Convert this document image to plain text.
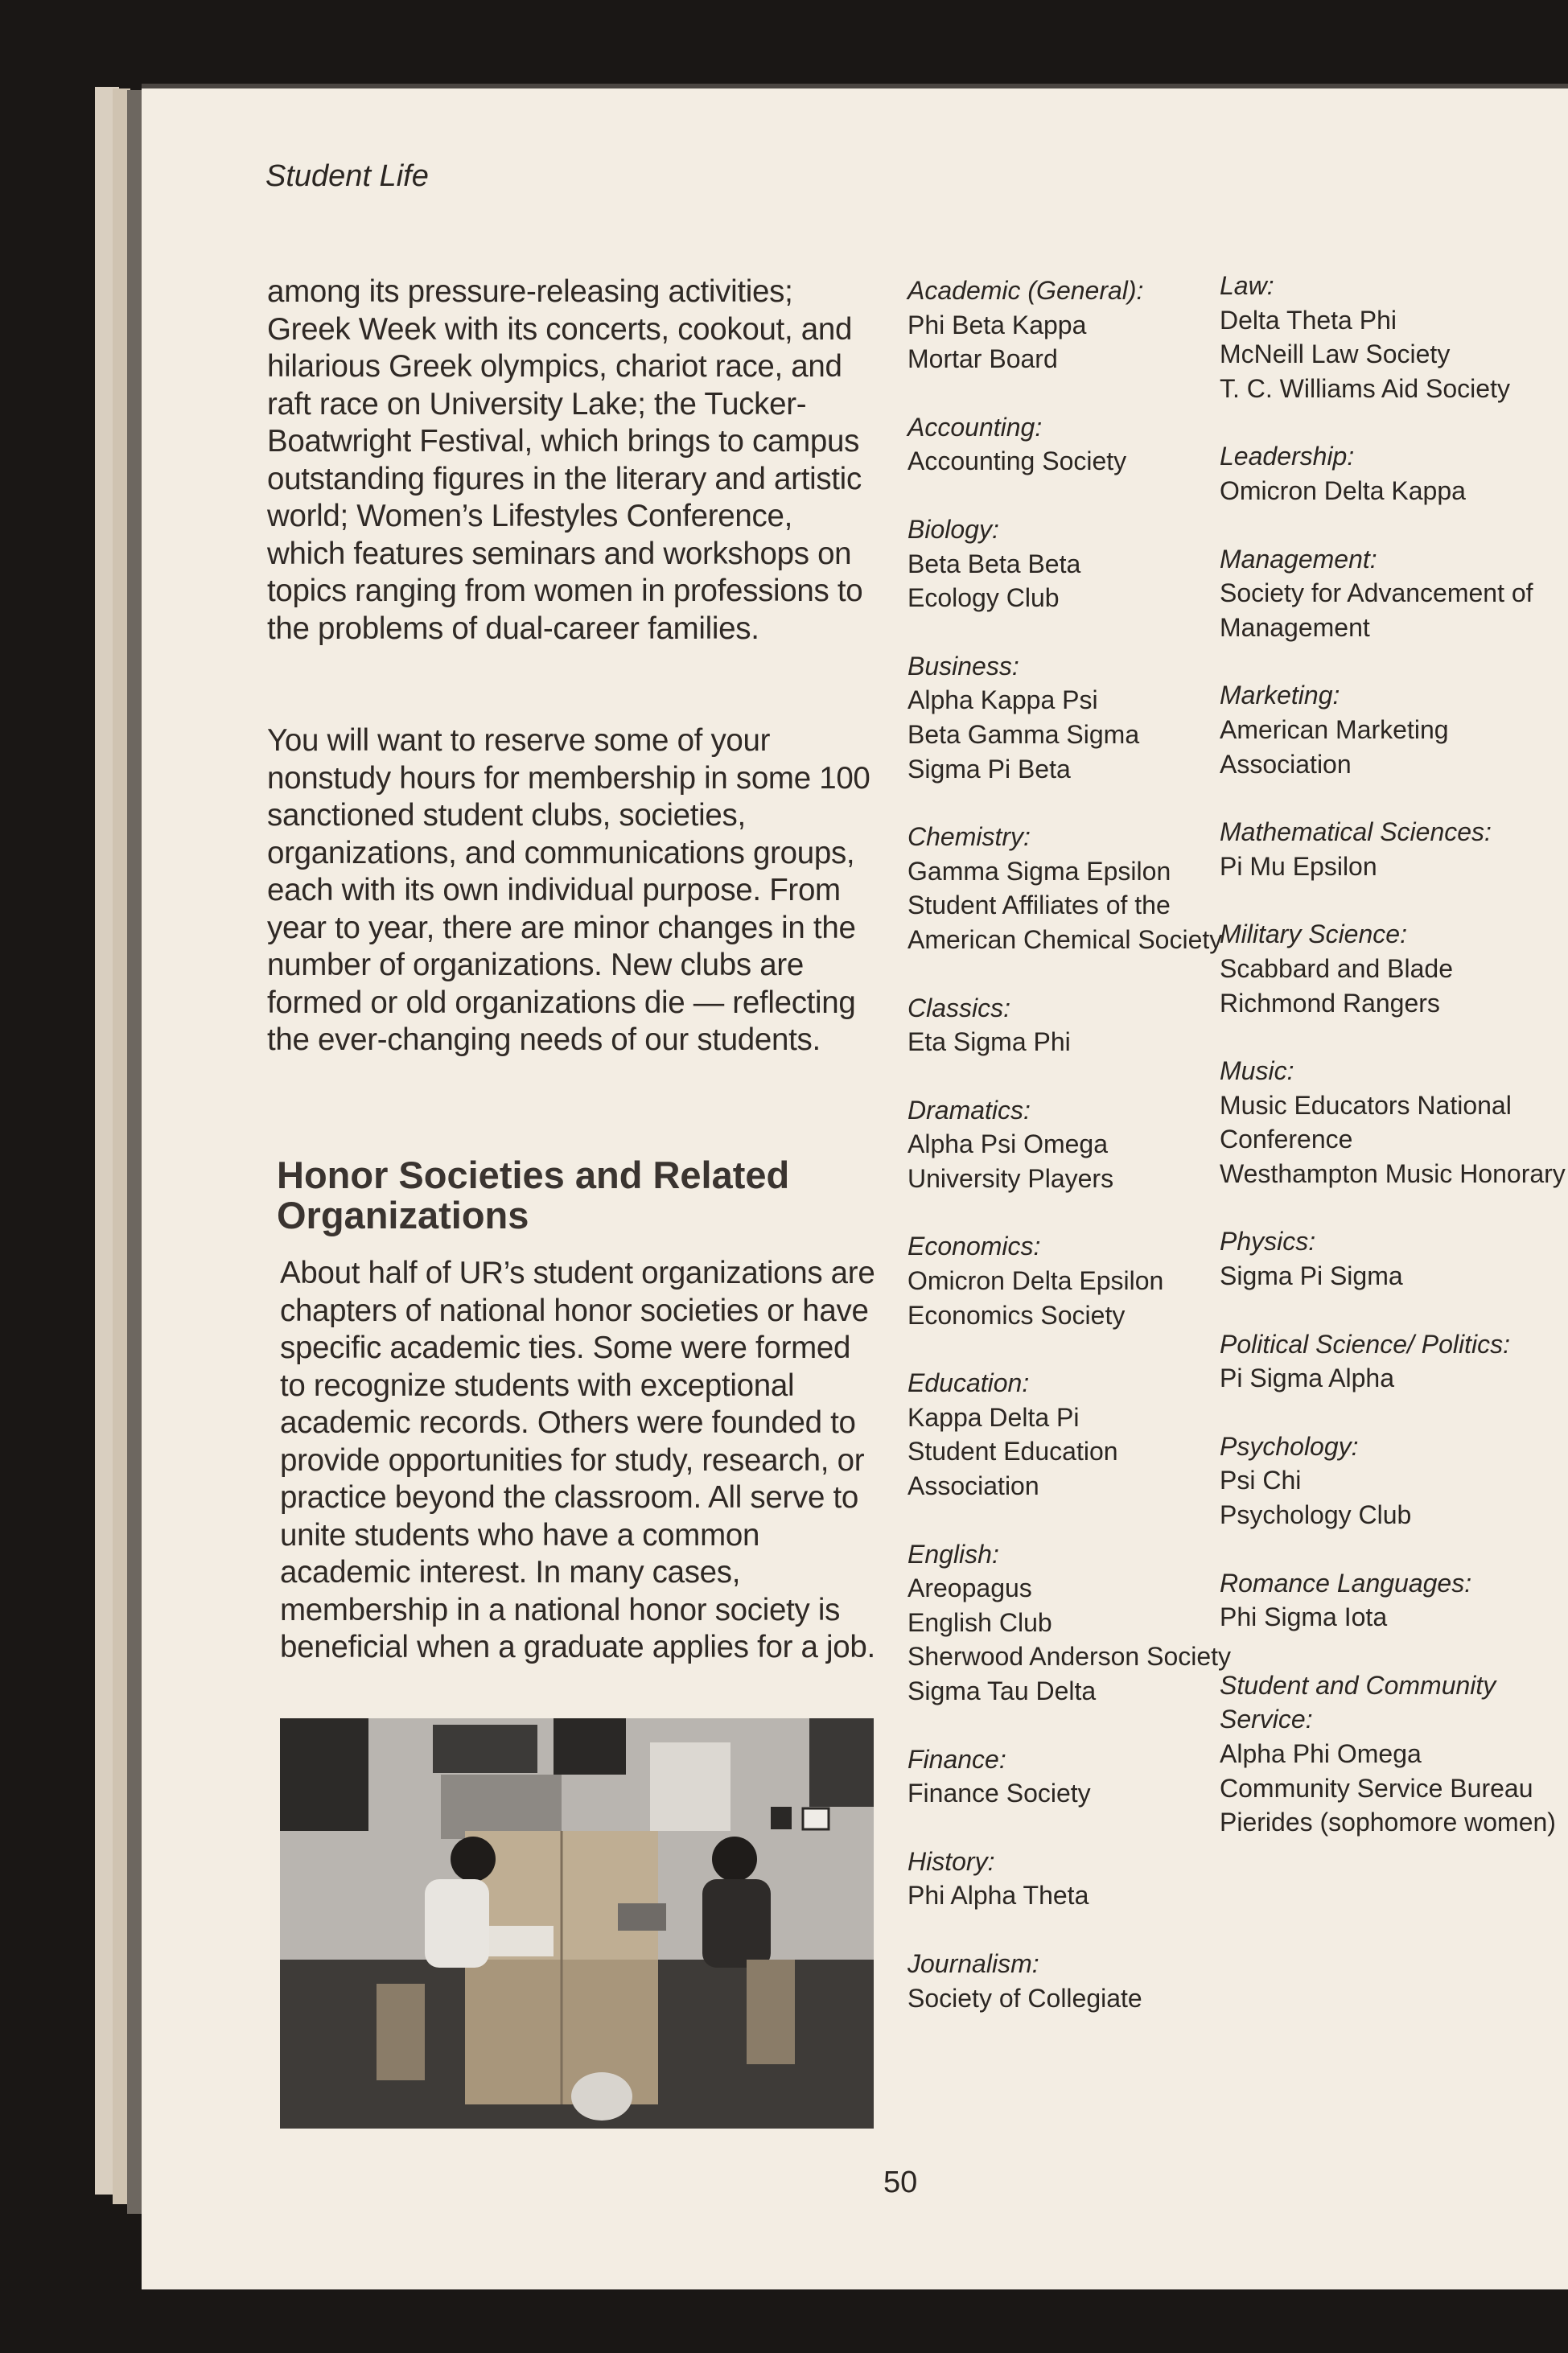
Student Life

among its pressure-releasing activities; Greek Week with its concerts, cookout, and hilarious Greek olympics, chariot race, and raft race on University Lake; the Tucker-Boatwright Festival, which brings to campus outstanding figures in the literary and artistic world; Women’s Lifestyles Conference, which features seminars and workshops on topics ranging from women in professions to the problems of dual-career families.

You will want to reserve some of your nonstudy hours for membership in some 100 sanctioned student clubs, societies, organizations, and communications groups, each with its own individual purpose. From year to year, there are minor changes in the number of organizations. New clubs are formed or old organizations die — reflecting the ever-changing needs of our students.

Honor Societies and Related Organizations

About half of UR’s student organizations are chapters of national honor societies or have specific academic ties. Some were formed to recognize students with exceptional academic records. Others were founded to provide opportunities for study, research, or practice beyond the classroom. All serve to unite students who have a common academic interest. In many cases, membership in a national honor society is beneficial when a graduate applies for a job.

Academic (General):

Phi Beta Kappa

Mortar Board

Accounting:

Accounting Society

Biology:

Beta Beta Beta

Ecology Club

Business:

Alpha Kappa Psi

Beta Gamma Sigma

Sigma Pi Beta

Chemistry:

Gamma Sigma Epsilon

Student Affiliates of the American Chemical Society

Classics:

Eta Sigma Phi

Dramatics:

Alpha Psi Omega

University Players

Economics:

Omicron Delta Epsilon

Economics Society

Education:

Kappa Delta Pi

Student Education Association

English:

Areopagus

English Club

Sherwood Anderson Society

Sigma Tau Delta

Finance:

Finance Society

History:

Phi Alpha Theta

Journalism:

Society of Collegiate

Law:

Delta Theta Phi

McNeill Law Society

T. C. Williams Aid Society

Leadership:

Omicron Delta Kappa

Management:

Society for Advancement of Management

Marketing:

American Marketing Association

Mathematical Sciences:

Pi Mu Epsilon

Military Science:

Scabbard and Blade

Richmond Rangers

Music:

Music Educators National Conference

Westhampton Music Honorary

Physics:

Sigma Pi Sigma

Political Science/ Politics:

Pi Sigma Alpha

Psychology:

Psi Chi

Psychology Club

Romance Languages:

Phi Sigma Iota

Student and Community Service:

Alpha Phi Omega

Community Service Bureau

Pierides (sophomore women)

50
